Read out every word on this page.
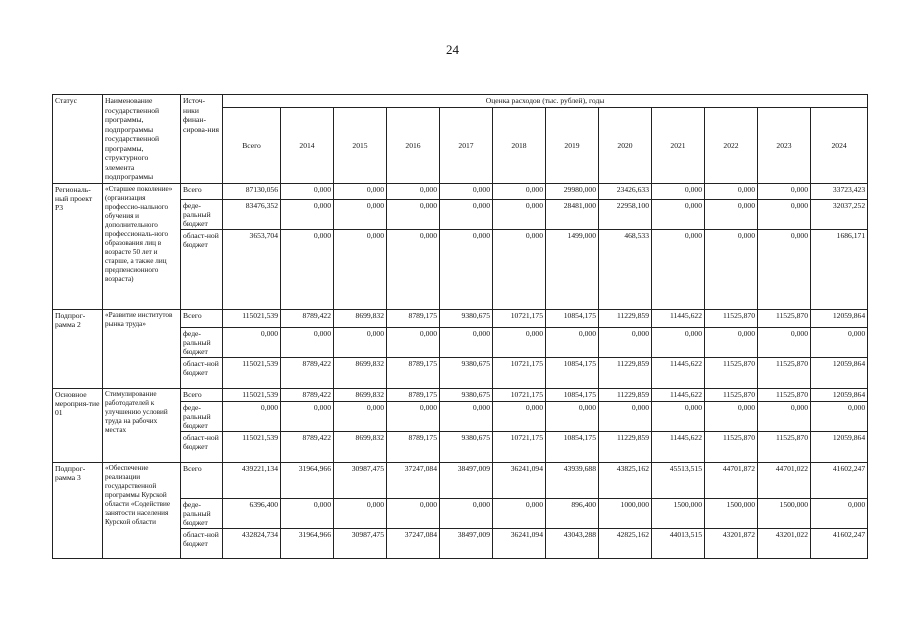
24
Статус	Наименование государственной программы, подпрограммы государственной программы, структурного элемента подпрограммы	Источ-ники финан-сирова-ния	Оценка расходов (тыс. рублей), годы											
			Всего	2014	2015	2016	2017	2018	2019	2020	2021	2022	2023	2024
Региональ-ный проект Р3	«Старшее поколение» (организация профессио-нального обучения и дополнительного профессиональ-ного образования лиц в возрасте 50 лет и старше, а также лиц предпенсионного возраста)	Всего	87130,056	0,000	0,000	0,000	0,000	0,000	29980,000	23426,633	0,000	0,000	0,000	33723,423
		феде-ральный бюджет	83476,352	0,000	0,000	0,000	0,000	0,000	28481,000	22958,100	0,000	0,000	0,000	32037,252
		област-ной бюджет	3653,704	0,000	0,000	0,000	0,000	0,000	1499,000	468,533	0,000	0,000	0,000	1686,171
Подпрог-рамма 2	«Развитие институтов рынка труда»	Всего	115021,539	8789,422	8699,832	8789,175	9380,675	10721,175	10854,175	11229,859	11445,622	11525,870	11525,870	12059,864
		феде-ральный бюджет	0,000	0,000	0,000	0,000	0,000	0,000	0,000	0,000	0,000	0,000	0,000	0,000
		област-ной бюджет	115021,539	8789,422	8699,832	8789,175	9380,675	10721,175	10854,175	11229,859	11445,622	11525,870	11525,870	12059,864
Основное мероприя-тие 01	Стимулирование работодателей к улучшению условий труда на рабочих местах	Всего	115021,539	8789,422	8699,832	8789,175	9380,675	10721,175	10854,175	11229,859	11445,622	11525,870	11525,870	12059,864
		феде-ральный бюджет	0,000	0,000	0,000	0,000	0,000	0,000	0,000	0,000	0,000	0,000	0,000	0,000
		област-ной бюджет	115021,539	8789,422	8699,832	8789,175	9380,675	10721,175	10854,175	11229,859	11445,622	11525,870	11525,870	12059,864
Подпрог-рамма 3	«Обеспечение реализации государственной программы Курской области «Содействие занятости населения Курской области	Всего	439221,134	31964,966	30987,475	37247,084	38497,009	36241,094	43939,688	43825,162	45513,515	44701,872	44701,022	41602,247
		феде-ральный бюджет	6396,400	0,000	0,000	0,000	0,000	0,000	896,400	1000,000	1500,000	1500,000	1500,000	0,000
		област-ной бюджет	432824,734	31964,966	30987,475	37247,084	38497,009	36241,094	43043,288	42825,162	44013,515	43201,872	43201,022	41602,247
